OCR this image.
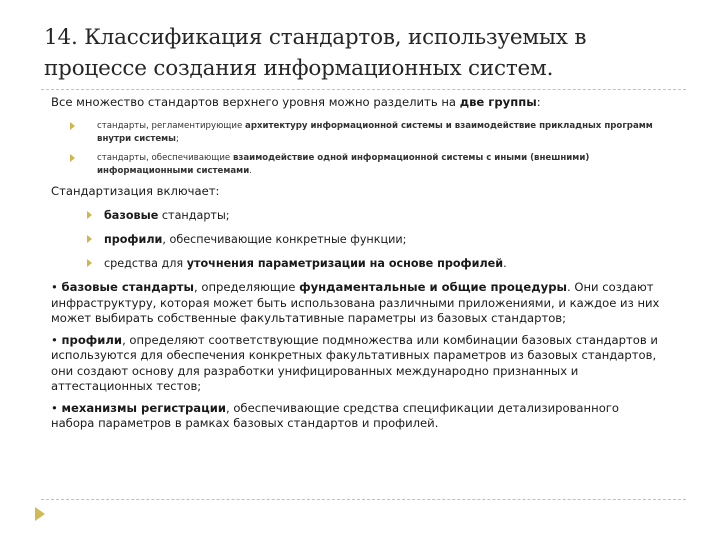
14. Классификация стандартов, используемых в процессе создания информационных систем.

Все множество стандартов верхнего уровня можно разделить на две группы:

стандарты, регламентирующие архитектуру информационной системы и взаимодействие прикладных программ внутри системы;
стандарты, обеспечивающие взаимодействие одной информационной системы с иными (внешними) информационными системами.

Стандартизация включает:

базовые стандарты;
профили, обеспечивающие конкретные функции;
средства для уточнения параметризации на основе профилей.

• базовые стандарты, определяющие фундаментальные и общие процедуры. Они создают инфраструктуру, которая может быть использована различными приложениями, и каждое из них может выбирать собственные факультативные параметры из базовых стандартов;

• профили, определяют соответствующие подмножества или комбинации базовых стандартов и используются для обеспечения конкретных факультативных параметров из базовых стандартов, они создают основу для разработки унифицированных международно признанных и аттестационных тестов;

• механизмы регистрации, обеспечивающие средства спецификации детализированного набора параметров в рамках базовых стандартов и профилей.
